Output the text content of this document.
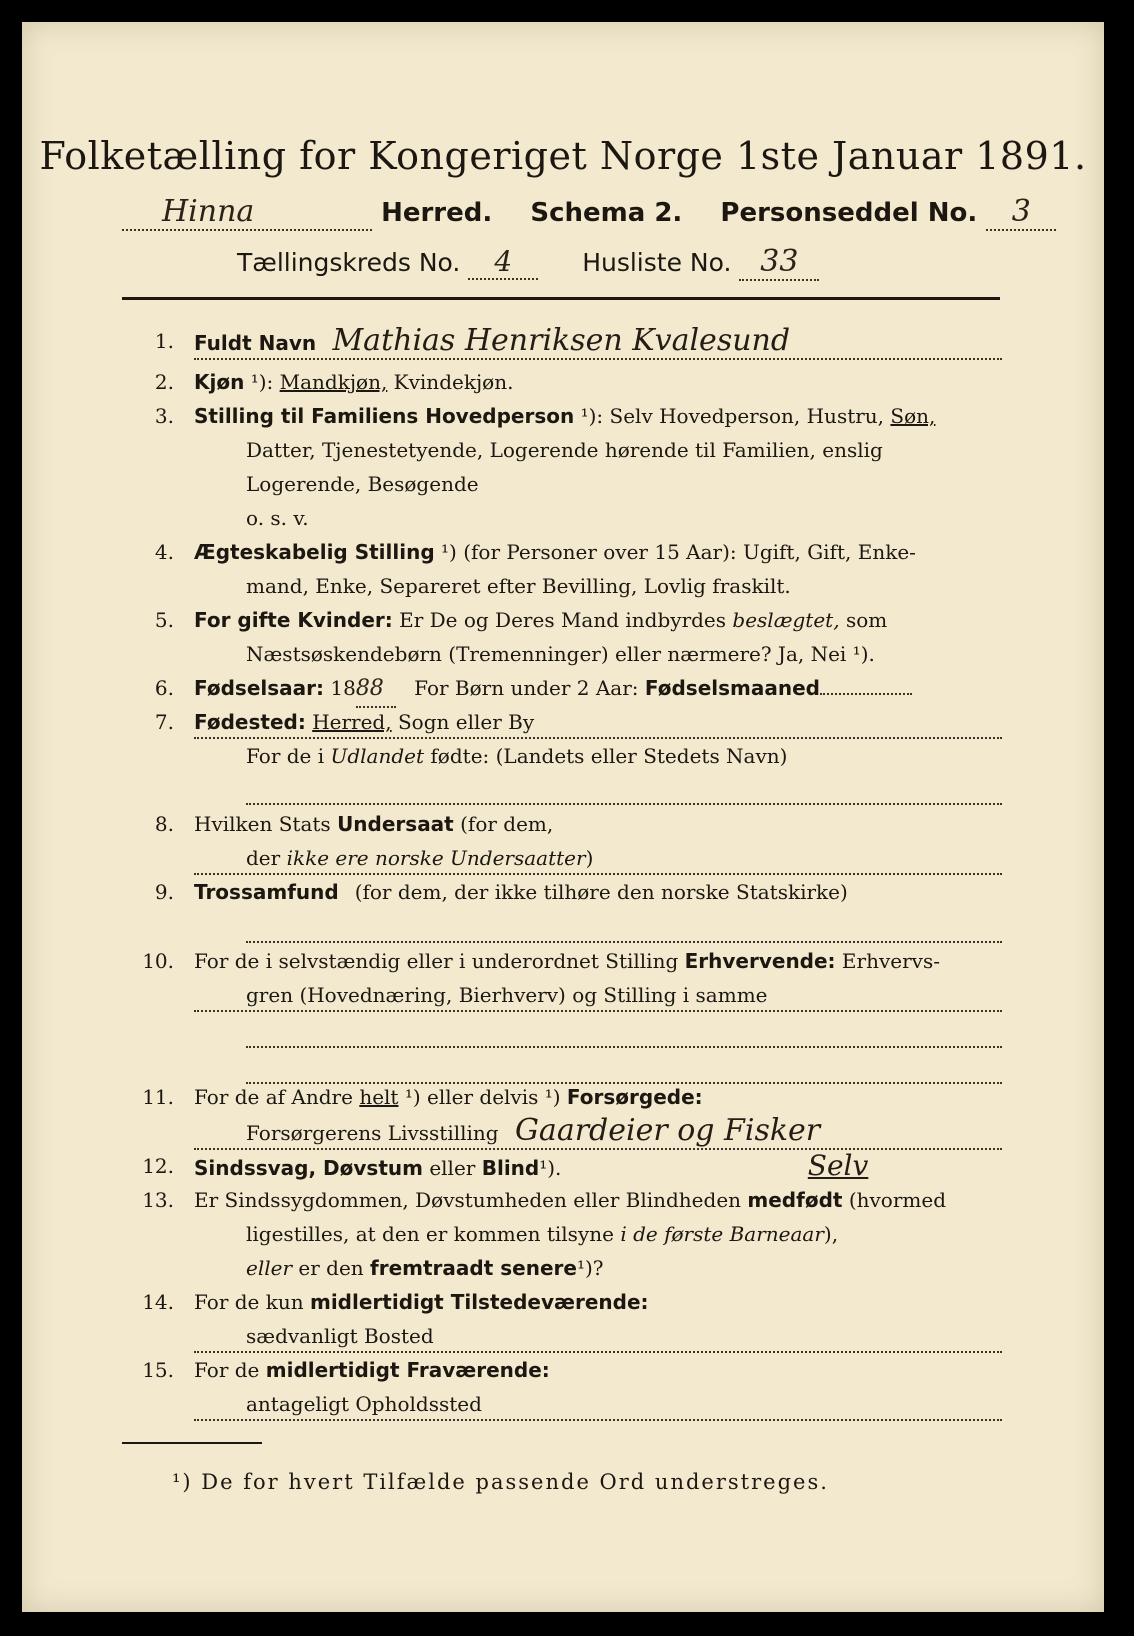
Folketælling for Kongeriget Norge 1ste Januar 1891.
Hinna	Herred. Schema 2. Personseddel No. 3
Tællingskreds No. 4	Husliste No. 33
1. Fuldt Navn Mathias Henriksen Kvalesund
2. Kjøn ¹): Mandkjøn, Kvindekjøn.
3. Stilling til Familiens Hovedperson ¹): Selv Hovedperson, Hustru, Søn,
Datter, Tjenestetyende, Logerende hørende til Familien, enslig
Logerende, Besøgende
o. s. v.
4. Ægteskabelig Stilling ¹) (for Personer over 15 Aar): Ugift, Gift, Enke-
mand, Enke, Separeret efter Bevilling, Lovlig fraskilt.
5. For gifte Kvinder: Er De og Deres Mand indbyrdes beslægtet, som
Næstsøskendebørn (Tremenninger) eller nærmere? Ja, Nei ¹).
6. Fødselsaar: 1888 For Børn under 2 Aar: Fødselsmaaned
7. Fødested: Herred, Sogn eller By
For de i Udlandet fødte: (Landets eller Stedets Navn)
8. Hvilken Stats Undersaat (for dem,
der ikke ere norske Undersaatter)
9. Trossamfund (for dem, der ikke tilhøre den norske Statskirke)
10. For de i selvstændig eller i underordnet Stilling Erhvervende: Erhvervs-
gren (Hovednæring, Bierhverv) og Stilling i samme
11. For de af Andre helt ¹) eller delvis ¹) Forsørgede:
Forsørgerens Livsstilling Gaardeier og Fisker
12. Sindssvag, Døvstum eller Blind¹).	Selv
13. Er Sindssygdommen, Døvstumheden eller Blindheden medfødt (hvormed
ligestilles, at den er kommen tilsyne i de første Barneaar),
eller er den fremtraadt senere¹)?
14. For de kun midlertidigt Tilstedeværende:
sædvanligt Bosted
15. For de midlertidigt Fraværende:
antageligt Opholdssted
¹) De for hvert Tilfælde passende Ord understreges.
